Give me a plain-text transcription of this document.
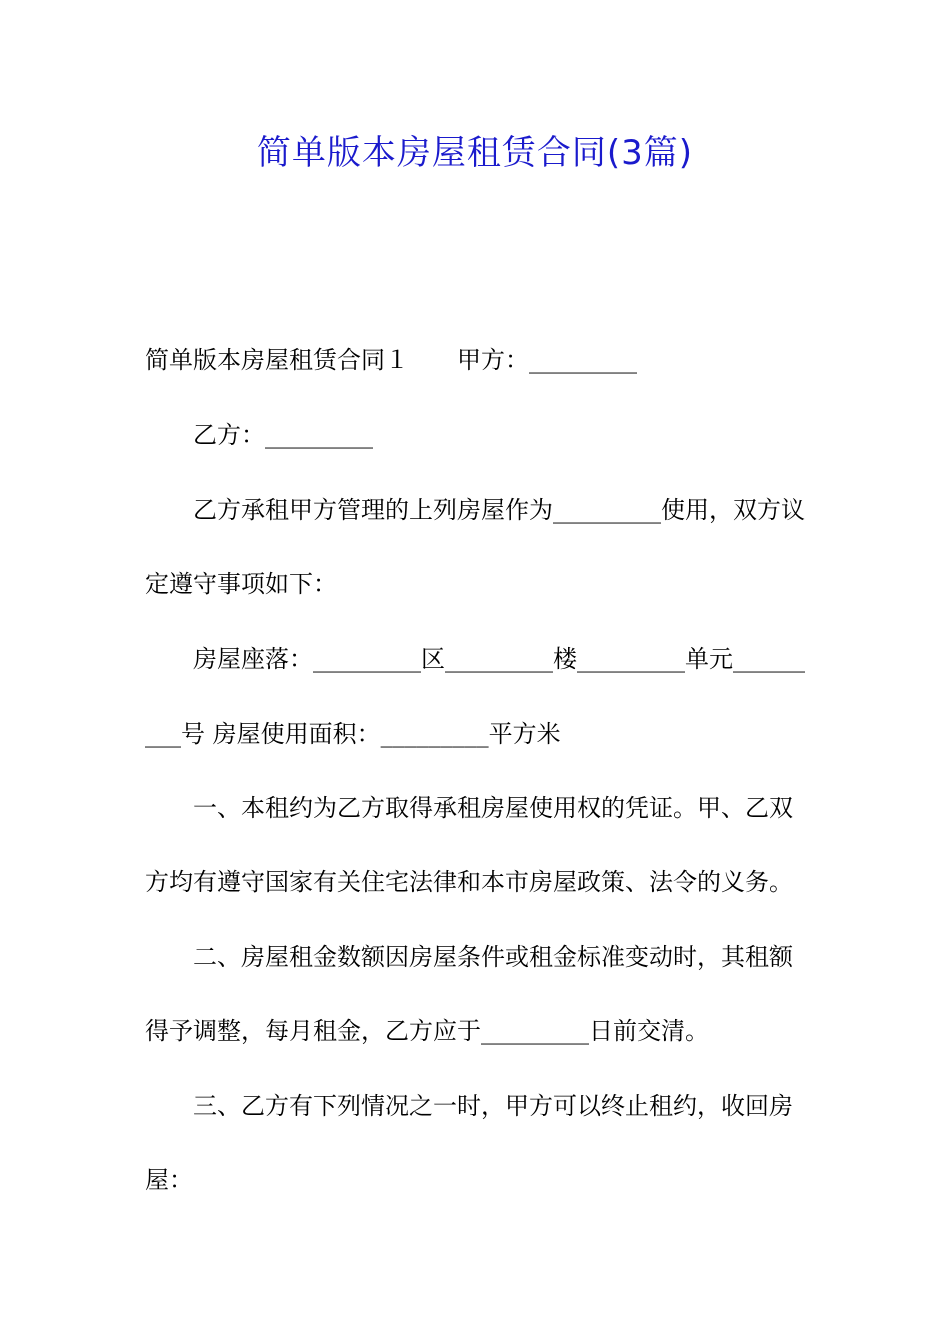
简单版本房屋租赁合同(3篇)
简单版本房屋租赁合同１　　甲方：_________
　　乙方：_________
　　乙方承租甲方管理的上列房屋作为_________使用，双方议
定遵守事项如下：
　　房屋座落：_________区_________楼_________单元______
___号 房屋使用面积：_________平方米
　　一、本租约为乙方取得承租房屋使用权的凭证。甲、乙双
方均有遵守国家有关住宅法律和本市房屋政策、法令的义务。
　　二、房屋租金数额因房屋条件或租金标准变动时，其租额
得予调整，每月租金，乙方应于_________日前交清。
　　三、乙方有下列情况之一时，甲方可以终止租约，收回房
屋：
